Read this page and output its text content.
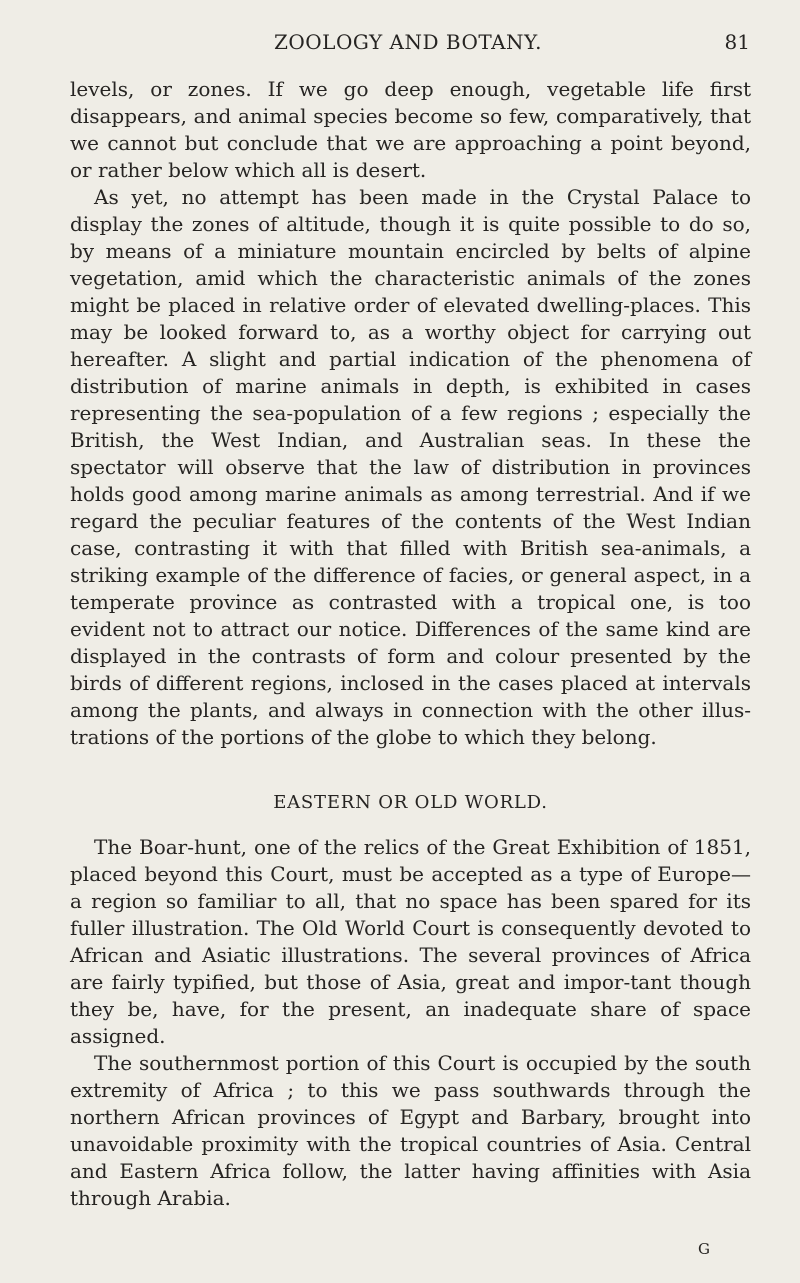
ZOOLOGY AND BOTANY.	81

levels, or zones. If we go deep enough, vegetable life first disappears, and animal species become so few, comparatively, that we cannot but conclude that we are approaching a point beyond, or rather below which all is desert.

As yet, no attempt has been made in the Crystal Palace to display the zones of altitude, though it is quite possible to do so, by means of a miniature mountain encircled by belts of alpine vegetation, amid which the characteristic animals of the zones might be placed in relative order of elevated dwelling-places. This may be looked forward to, as a worthy object for carrying out hereafter. A slight and partial indication of the phenomena of distribution of marine animals in depth, is exhibited in cases representing the sea-population of a few regions ; especially the British, the West Indian, and Australian seas. In these the spectator will observe that the law of distribution in provinces holds good among marine animals as among terrestrial. And if we regard the peculiar features of the contents of the West Indian case, contrasting it with that filled with British sea-animals, a striking example of the difference of facies, or general aspect, in a temperate province as contrasted with a tropical one, is too evident not to attract our notice. Differences of the same kind are displayed in the contrasts of form and colour presented by the birds of different regions, inclosed in the cases placed at intervals among the plants, and always in connection with the other illus-trations of the portions of the globe to which they belong.

EASTERN OR OLD WORLD.

The Boar-hunt, one of the relics of the Great Exhibition of 1851, placed beyond this Court, must be accepted as a type of Europe—a region so familiar to all, that no space has been spared for its fuller illustration. The Old World Court is consequently devoted to African and Asiatic illustrations. The several provinces of Africa are fairly typified, but those of Asia, great and impor-tant though they be, have, for the present, an inadequate share of space assigned.

The southernmost portion of this Court is occupied by the south extremity of Africa ; to this we pass southwards through the northern African provinces of Egypt and Barbary, brought into unavoidable proximity with the tropical countries of Asia. Central and Eastern Africa follow, the latter having affinities with Asia through Arabia.

G
